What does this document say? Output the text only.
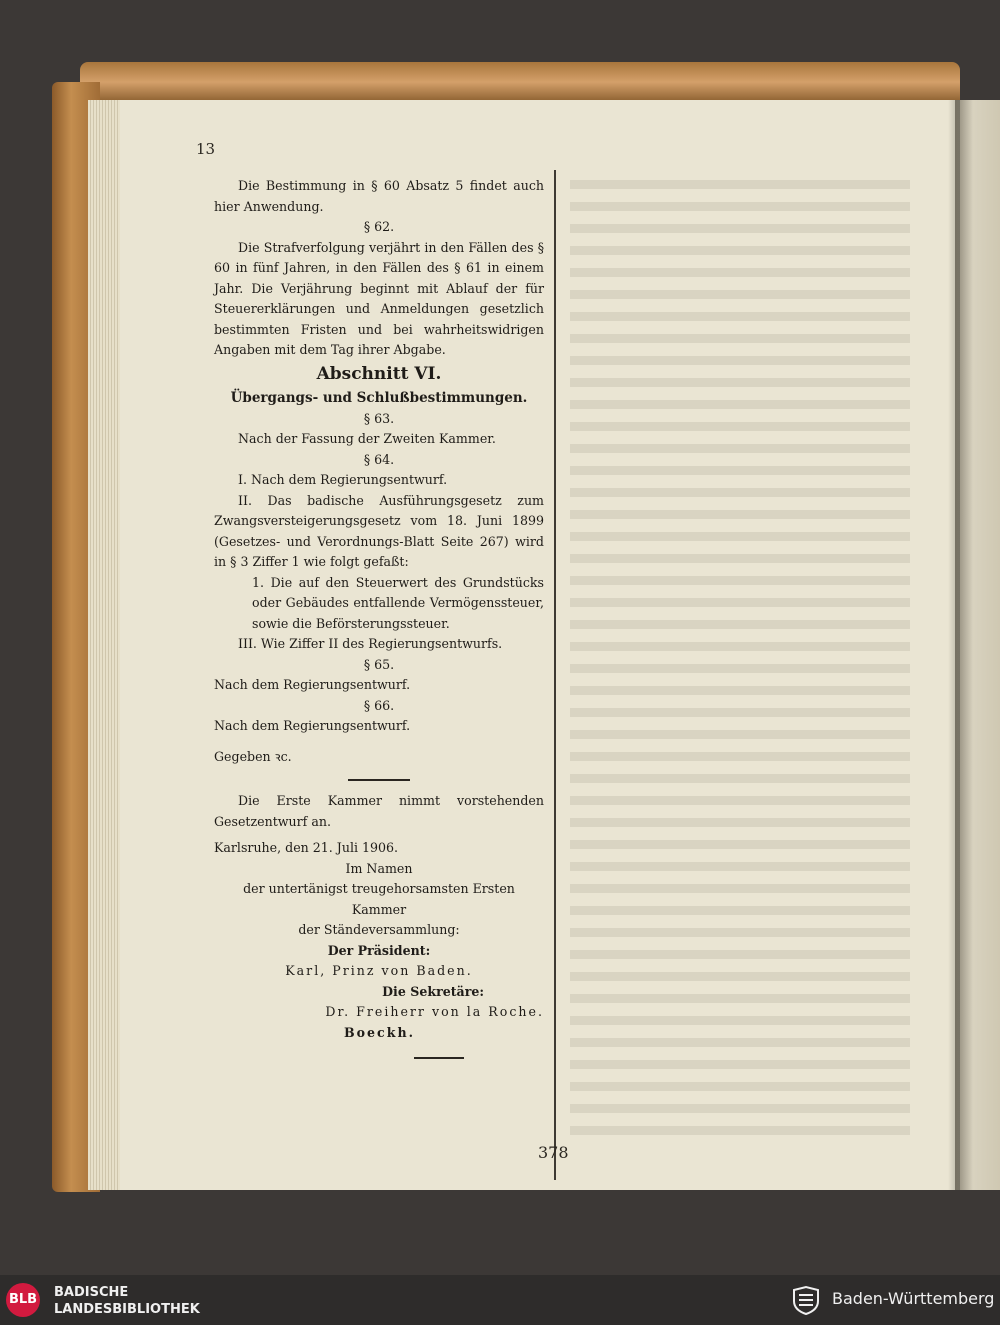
13

Die Bestimmung in § 60 Absatz 5 findet auch hier Anwendung.

§ 62.

Die Strafverfolgung verjährt in den Fällen des § 60 in fünf Jahren, in den Fällen des § 61 in einem Jahr. Die Verjährung beginnt mit Ablauf der für Steuererklärungen und Anmeldungen gesetzlich bestimmten Fristen und bei wahrheitswidrigen Angaben mit dem Tag ihrer Abgabe.

Abschnitt VI.

Übergangs- und Schlußbestimmungen.

§ 63.

Nach der Fassung der Zweiten Kammer.

§ 64.

I. Nach dem Regierungsentwurf.

II. Das badische Ausführungsgesetz zum Zwangsversteigerungsgesetz vom 18. Juni 1899 (Gesetzes- und Verordnungs-Blatt Seite 267) wird in § 3 Ziffer 1 wie folgt gefaßt:

1. Die auf den Steuerwert des Grundstücks oder Gebäudes entfallende Vermögenssteuer, sowie die Beförsterungssteuer.

III. Wie Ziffer II des Regierungsentwurfs.

§ 65.

Nach dem Regierungsentwurf.

§ 66.

Nach dem Regierungsentwurf.

Gegeben ꝛc.

Die Erste Kammer nimmt vorstehenden Gesetzentwurf an.

Karlsruhe, den 21. Juli 1906.

Im Namen

der untertänigst treugehorsamsten Ersten Kammer

der Ständeversammlung:

Der Präsident:

Karl, Prinz von Baden.

Die Sekretäre:

Dr. Freiherr von la Roche.

Boeckh.

378
BLB BADISCHE
LANDESBIBLIOTHEK
Baden-Württemberg
